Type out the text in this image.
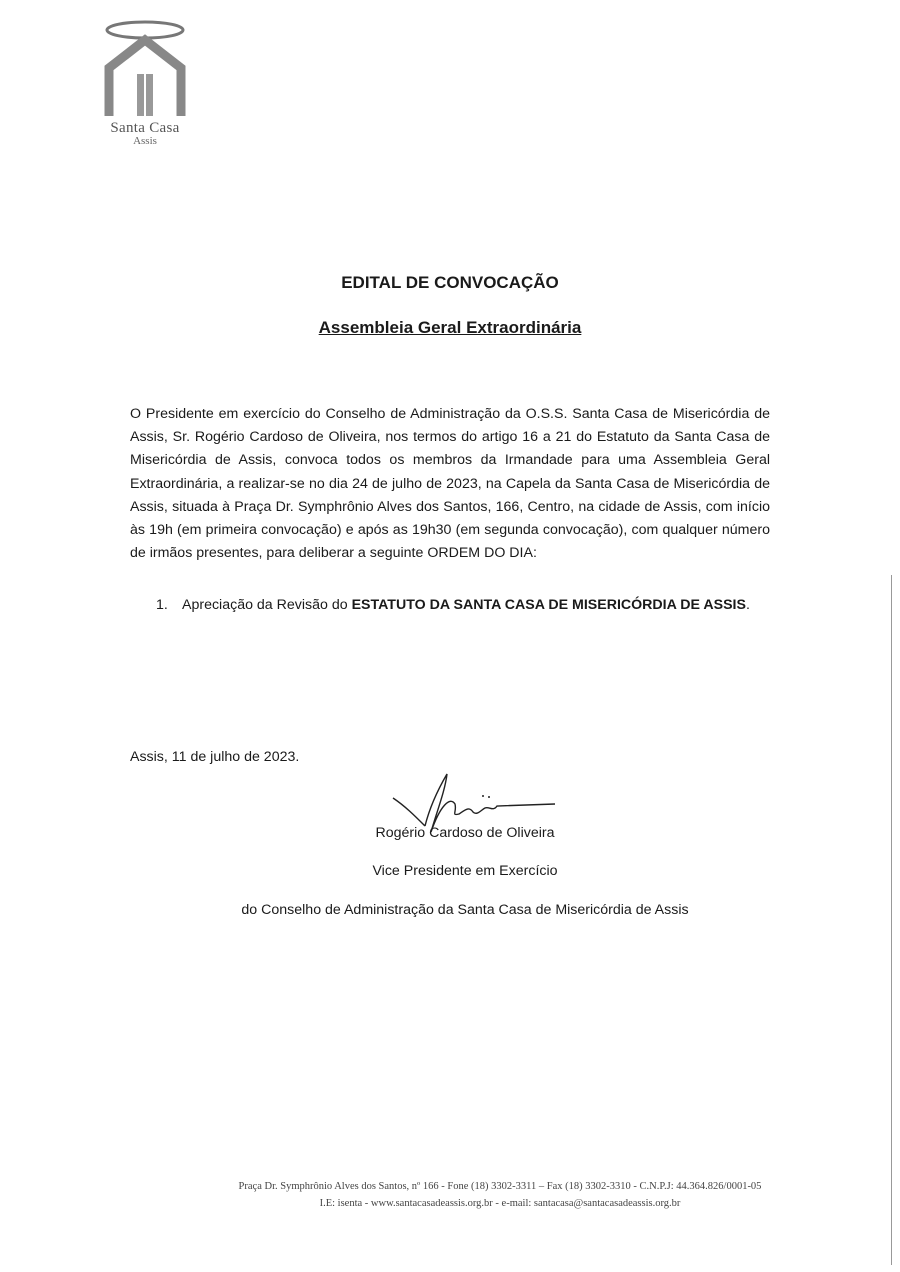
Santa Casa
Assis
EDITAL DE CONVOCAÇÃO
Assembleia Geral Extraordinária
O Presidente em exercício do Conselho de Administração da O.S.S. Santa Casa de Misericórdia de Assis, Sr. Rogério Cardoso de Oliveira, nos termos do artigo 16 a 21 do Estatuto da Santa Casa de Misericórdia de Assis, convoca todos os membros da Irmandade para uma Assembleia Geral Extraordinária, a realizar-se no dia 24 de julho de 2023, na Capela da Santa Casa de Misericórdia de Assis, situada à Praça Dr. Symphrônio Alves dos Santos, 166, Centro, na cidade de Assis, com início às 19h (em primeira convocação) e após as 19h30 (em segunda convocação), com qualquer número de irmãos presentes, para deliberar a seguinte ORDEM DO DIA:
1. Apreciação da Revisão do ESTATUTO DA SANTA CASA DE MISERICÓRDIA DE ASSIS.
Assis, 11 de julho de 2023.
Rogério Cardoso de Oliveira
Vice Presidente em Exercício
do Conselho de Administração da Santa Casa de Misericórdia de Assis
Praça Dr. Symphrônio Alves dos Santos, nº 166 - Fone (18) 3302-3311 – Fax (18) 3302-3310 - C.N.P.J: 44.364.826/0001-05
I.E: isenta - www.santacasadeassis.org.br - e-mail: santacasa@santacasadeassis.org.br
